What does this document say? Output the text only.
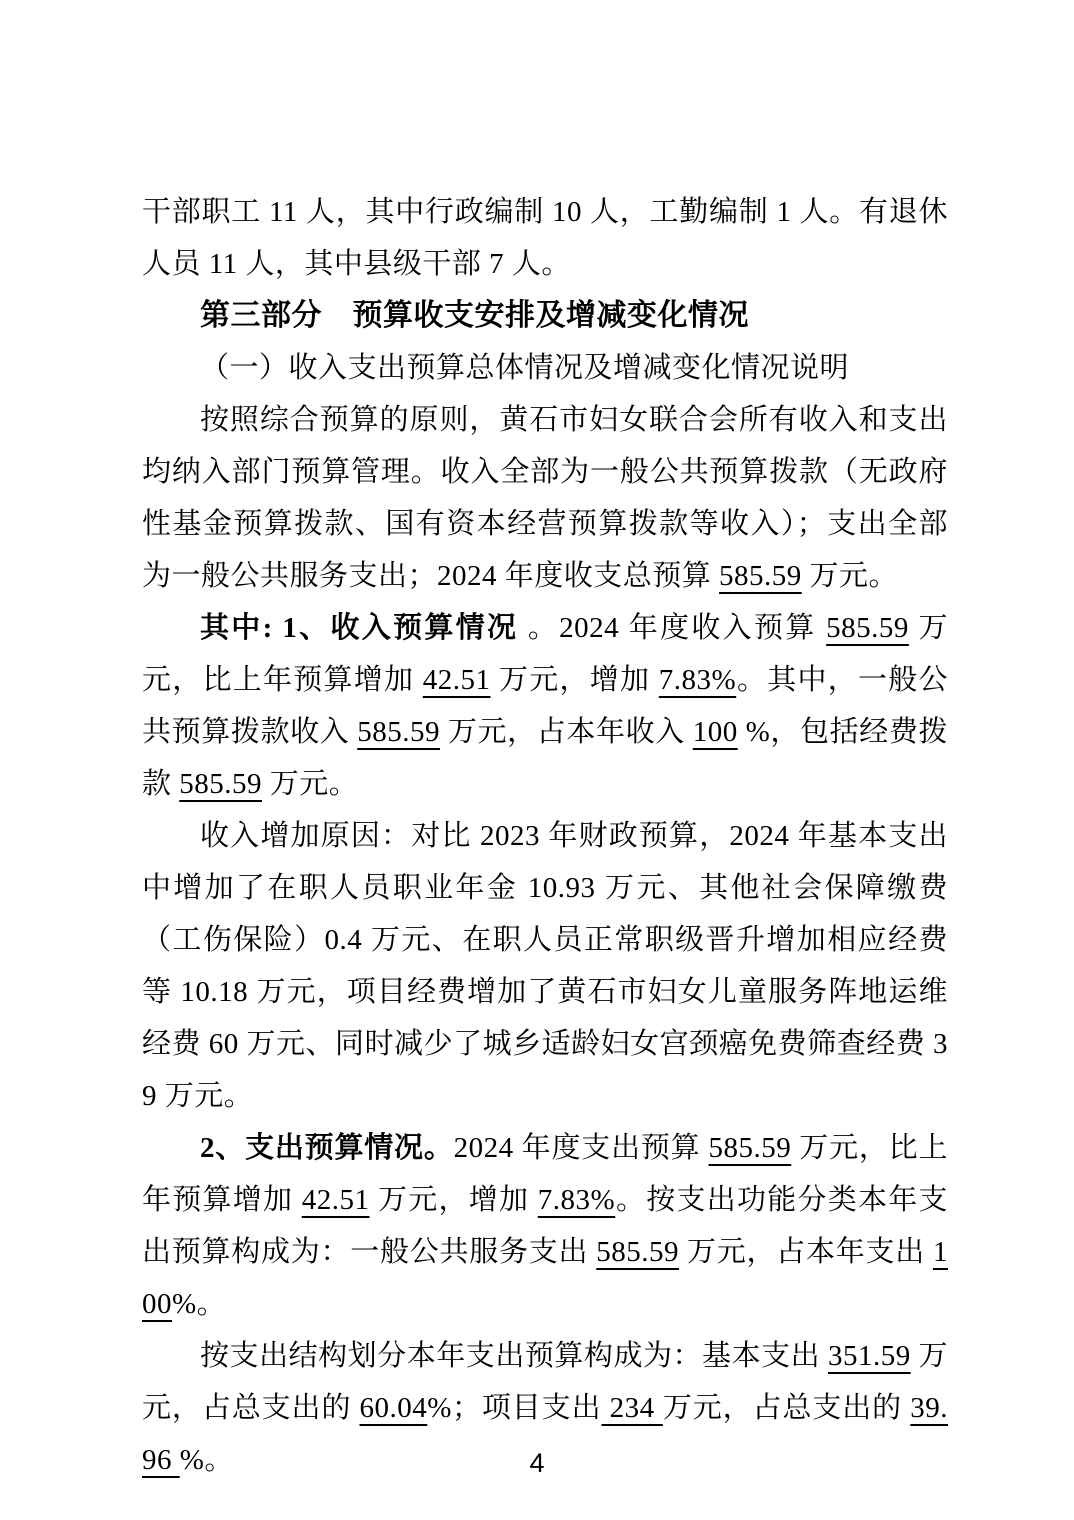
干部职工 11 人，其中行政编制 10 人，工勤编制 1 人。有退休人员 11 人，其中县级干部 7 人。

第三部分　预算收支安排及增减变化情况

（一）收入支出预算总体情况及增减变化情况说明

按照综合预算的原则，黄石市妇女联合会所有收入和支出均纳入部门预算管理。收入全部为一般公共预算拨款（无政府性基金预算拨款、国有资本经营预算拨款等收入）；支出全部为一般公共服务支出；2024 年度收支总预算 585.59 万元。

其中: 1、收入预算情况 。2024 年度收入预算 585.59 万元，比上年预算增加 42.51 万元，增加 7.83%。其中，一般公共预算拨款收入 585.59 万元，占本年收入 100 %，包括经费拨款 585.59 万元。

收入增加原因：对比 2023 年财政预算，2024 年基本支出中增加了在职人员职业年金 10.93 万元、其他社会保障缴费（工伤保险）0.4 万元、在职人员正常职级晋升增加相应经费等 10.18 万元，项目经费增加了黄石市妇女儿童服务阵地运维经费 60 万元、同时减少了城乡适龄妇女宫颈癌免费筛查经费 39 万元。

2、支出预算情况。2024 年度支出预算 585.59 万元，比上年预算增加 42.51 万元，增加 7.83%。按支出功能分类本年支出预算构成为：一般公共服务支出 585.59 万元，占本年支出 100%。

按支出结构划分本年支出预算构成为：基本支出 351.59 万元，占总支出的 60.04%；项目支出 234 万元，占总支出的 39.96 %。	4
